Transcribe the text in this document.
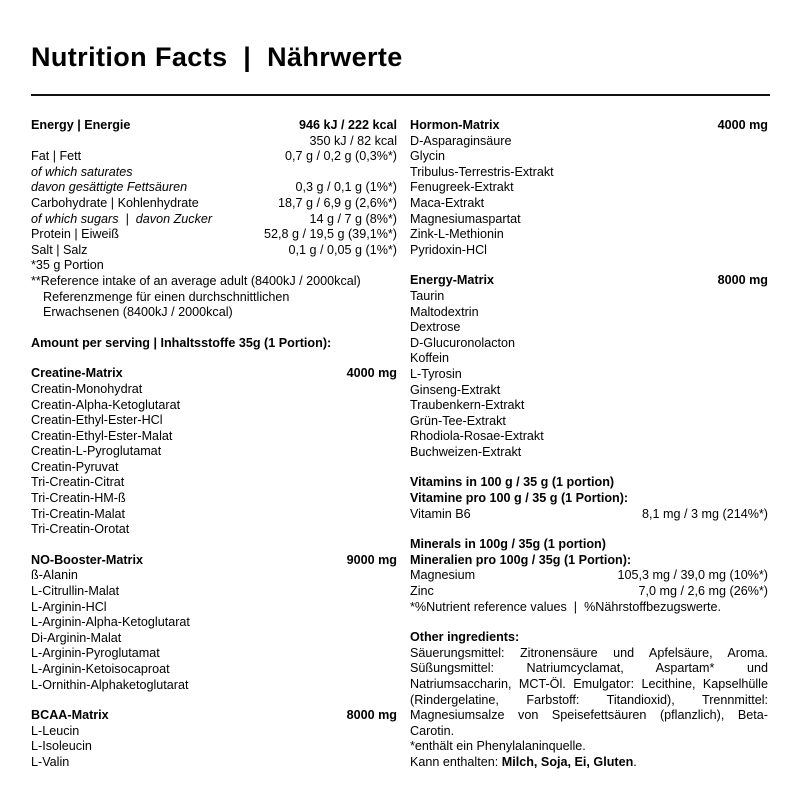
Nutrition Facts  |  Nährwerte
Energy | Energie	946 kJ / 222 kcal
350 kJ / 82 kcal
Fat | Fett	0,7 g / 0,2 g (0,3%*)
of which saturates
davon gesättigte Fettsäuren	0,3 g / 0,1 g (1%*)
Carbohydrate | Kohlenhydrate	18,7 g / 6,9 g (2,6%*)
of which sugars  |  davon Zucker	14 g / 7 g (8%*)
Protein | Eiweiß	52,8 g / 19,5 g (39,1%*)
Salt | Salz	0,1 g / 0,05 g (1%*)
*35 g Portion
**Reference intake of an average adult (8400kJ / 2000kcal)
Referenzmenge für einen durchschnittlichen
Erwachsenen (8400kJ / 2000kcal)
Amount per serving | Inhaltsstoffe 35g (1 Portion):
Creatine-Matrix	4000 mg
Creatin-Monohydrat
Creatin-Alpha-Ketoglutarat
Creatin-Ethyl-Ester-HCl
Creatin-Ethyl-Ester-Malat
Creatin-L-Pyroglutamat
Creatin-Pyruvat
Tri-Creatin-Citrat
Tri-Creatin-HM-ß
Tri-Creatin-Malat
Tri-Creatin-Orotat
NO-Booster-Matrix	9000 mg
ß-Alanin
L-Citrullin-Malat
L-Arginin-HCl
L-Arginin-Alpha-Ketoglutarat
Di-Arginin-Malat
L-Arginin-Pyroglutamat
L-Arginin-Ketoisocaproat
L-Ornithin-Alphaketoglutarat
BCAA-Matrix	8000 mg
L-Leucin
L-Isoleucin
L-Valin
Hormon-Matrix	4000 mg
D-Asparaginsäure
Glycin
Tribulus-Terrestris-Extrakt
Fenugreek-Extrakt
Maca-Extrakt
Magnesiumaspartat
Zink-L-Methionin
Pyridoxin-HCl
Energy-Matrix	8000 mg
Taurin
Maltodextrin
Dextrose
D-Glucuronolacton
Koffein
L-Tyrosin
Ginseng-Extrakt
Traubenkern-Extrakt
Grün-Tee-Extrakt
Rhodiola-Rosae-Extrakt
Buchweizen-Extrakt
Vitamins in 100 g / 35 g (1 portion)
Vitamine pro 100 g / 35 g (1 Portion):
Vitamin B6	8,1 mg / 3 mg (214%*)
Minerals in 100g / 35g (1 portion)
Mineralien pro 100g / 35g (1 Portion):
Magnesium	105,3 mg / 39,0 mg (10%*)
Zinc	7,0 mg / 2,6 mg (26%*)
*%Nutrient reference values  |  %Nährstoffbezugswerte.
Other ingredients:
Säuerungsmittel: Zitronensäure und Apfelsäure, Aroma. Süßungsmittel: Natriumcyclamat, Aspartam* und Natriumsaccharin, MCT-Öl. Emulgator: Lecithine, Kapselhülle (Rindergelatine, Farbstoff: Titandioxid), Trennmittel: Magnesiumsalze von Speisefettsäuren (pflanzlich), Beta-Carotin.
*enthält ein Phenylalaninquelle.
Kann enthalten: Milch, Soja, Ei, Gluten.
